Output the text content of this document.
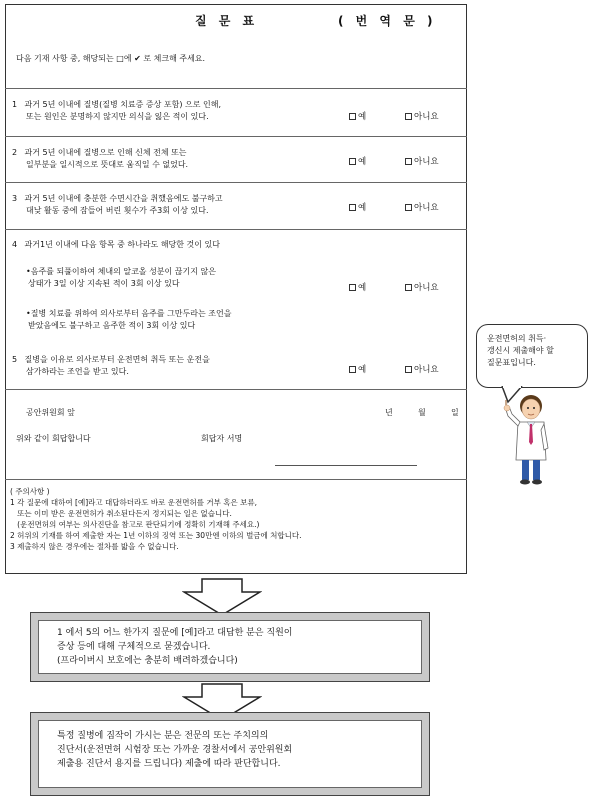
질 문 표	( 번 역 문 )
다음 기재 사항 중, 해당되는 □에 ✔ 로 체크해 주세요.
1 과거 5년 이내에 질병(질병 치료증 증상 포함) 으로 인해,
또는 원인은 분명하지 않지만 의식을 잃은 적이 있다.	예	아니요
2 과거 5년 이내에 질병으로 인해 신체 전체 또는
일부분을 일시적으로 뜻대로 움직일 수 없었다.	예	아니요
3 과거 5년 이내에 충분한 수면시간을 취했음에도 불구하고
대낮 활동 중에 잠들어 버린 횟수가 주3회 이상 있다.	예	아니요
4 과거1년 이내에 다음 항목 중 하나라도 해당한 것이 있다
•음주를 되풀이하여 체내의 알코올 성분이 끊기지 않은
상태가 3일 이상 지속된 적이 3회 이상 있다	예	아니요
•질병 치료를 위하여 의사로부터 음주를 그만두라는 조언을
받았음에도 불구하고 음주한 적이 3회 이상 있다
5 질병을 이유로 의사로부터 운전면허 취득 또는 운전을
삼가하라는 조언을 받고 있다.	예	아니요
공안위원회 앞	년	월	일
위와 같이 회답합니다	회답자 서명
( 주의사항 )
1 각 질문에 대하여 [예]라고 대답하더라도 바로 운전면허를 거부 혹은 보류,
또는 이미 받은 운전면허가 취소된다든지 정지되는 일은 없습니다.
(운전면허의 여부는 의사진단을 참고로 판단되기에 정확히 기재해 주세요.)
2 허위의 기재를 하여 제출한 자는 1년 이하의 징역 또는 30만엔 이하의 벌금에 처합니다.
3 제출하지 않은 경우에는 절차를 밟을 수 없습니다.
운전면허의 취득·
갱신시 제출해야 할
질문표입니다.
1 에서 5의 어느 한가지 질문에 [예]라고 대답한 분은 직원이
증상 등에 대해 구체적으로 묻겠습니다.
(프라이버시 보호에는 충분히 배려하겠습니다)
특정 질병에 짐작이 가시는 분은 전문의 또는 주치의의
진단서(운전면허 시험장 또는 가까운 경찰서에서 공안위원회
제출용 진단서 용지를 드립니다) 제출에 따라 판단합니다.
